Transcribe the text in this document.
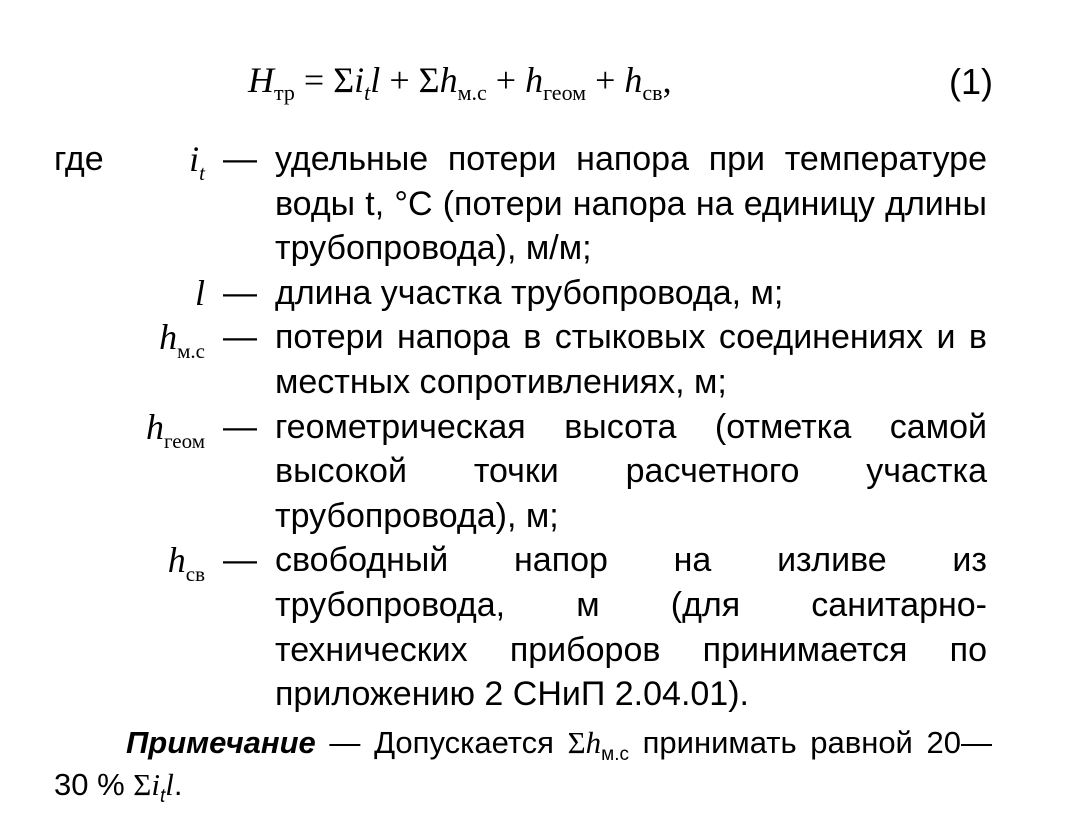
$H_{тр} = \Sigma i_tl + \Sigma h_{м.с} + h_{геом} + h_{св}$,	(1)
где	$i_t$ — удельные потери напора при температуре воды t, °С (потери напора на единицу длины трубопровода), м/м;
l — длина участка трубопровода, м;
$h_{м.с}$ — потери напора в стыковых соединениях и в местных сопротивлениях, м;
$h_{геом}$ — геометрическая высота (отметка самой высокой точки расчетного участка трубопровода), м;
$h_{св}$ — свободный напор на изливе из трубопровода, м (для санитарно-технических приборов принимается по приложению 2 СНиП 2.04.01).
Примечание — Допускается $\Sigma h_{м.с}$ принимать равной 20—30 % $\Sigma i_tl$.
